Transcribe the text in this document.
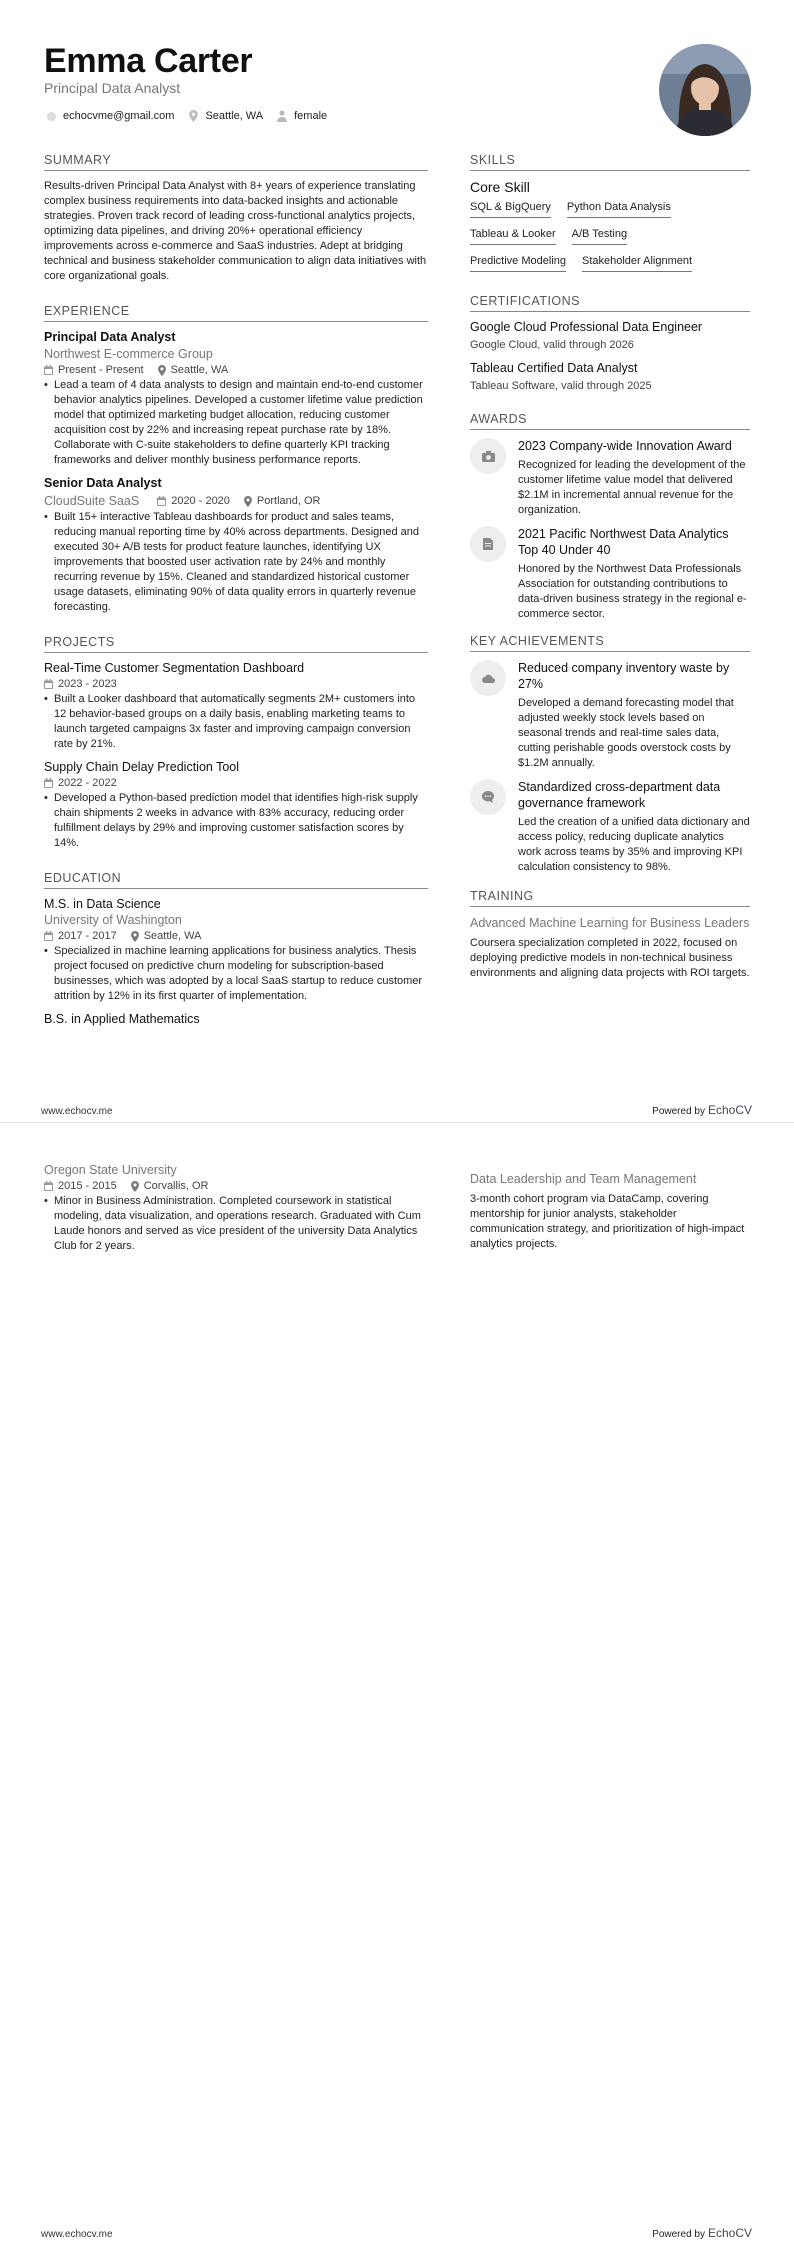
Emma Carter
Principal Data Analyst
echocvme@gmail.com	Seattle, WA	female
SUMMARY
Results-driven Principal Data Analyst with 8+ years of experience translating complex business requirements into data-backed insights and actionable strategies. Proven track record of leading cross-functional analytics projects, optimizing data pipelines, and driving 20%+ operational efficiency improvements across e-commerce and SaaS industries. Adept at bridging technical and business stakeholder communication to align data initiatives with core organizational goals.
EXPERIENCE
Principal Data Analyst
Northwest E-commerce Group
Present - Present Seattle, WA
• Lead a team of 4 data analysts to design and maintain end-to-end customer behavior analytics pipelines. Developed a customer lifetime value prediction model that optimized marketing budget allocation, reducing customer acquisition cost by 22% and increasing repeat purchase rate by 18%. Collaborate with C-suite stakeholders to define quarterly KPI tracking frameworks and deliver monthly business performance reports.
Senior Data Analyst
CloudSuite SaaS	2020 - 2020 Portland, OR
• Built 15+ interactive Tableau dashboards for product and sales teams, reducing manual reporting time by 40% across departments. Designed and executed 30+ A/B tests for product feature launches, identifying UX improvements that boosted user activation rate by 24% and monthly recurring revenue by 15%. Cleaned and standardized historical customer usage datasets, eliminating 90% of data quality errors in quarterly revenue forecasting.
PROJECTS
Real-Time Customer Segmentation Dashboard
2023 - 2023
• Built a Looker dashboard that automatically segments 2M+ customers into 12 behavior-based groups on a daily basis, enabling marketing teams to launch targeted campaigns 3x faster and improving campaign conversion rate by 21%.
Supply Chain Delay Prediction Tool
2022 - 2022
• Developed a Python-based prediction model that identifies high-risk supply chain shipments 2 weeks in advance with 83% accuracy, reducing order fulfillment delays by 29% and improving customer satisfaction scores by 14%.
EDUCATION
M.S. in Data Science
University of Washington
2017 - 2017 Seattle, WA
• Specialized in machine learning applications for business analytics. Thesis project focused on predictive churn modeling for subscription-based businesses, which was adopted by a local SaaS startup to reduce customer attrition by 12% in its first quarter of implementation.
B.S. in Applied Mathematics
SKILLS
Core Skill
SQL & BigQuery Python Data Analysis
Tableau & Looker A/B Testing
Predictive Modeling Stakeholder Alignment
CERTIFICATIONS
Google Cloud Professional Data Engineer
Google Cloud, valid through 2026
Tableau Certified Data Analyst
Tableau Software, valid through 2025
AWARDS
2023 Company-wide Innovation Award
Recognized for leading the development of the customer lifetime value model that delivered $2.1M in incremental annual revenue for the organization.
2021 Pacific Northwest Data Analytics Top 40 Under 40
Honored by the Northwest Data Professionals Association for outstanding contributions to data-driven business strategy in the regional e-commerce sector.
KEY ACHIEVEMENTS
Reduced company inventory waste by 27%
Developed a demand forecasting model that adjusted weekly stock levels based on seasonal trends and real-time sales data, cutting perishable goods overstock costs by $1.2M annually.
Standardized cross-department data governance framework
Led the creation of a unified data dictionary and access policy, reducing duplicate analytics work across teams by 35% and improving KPI calculation consistency to 98%.
TRAINING
Advanced Machine Learning for Business Leaders
Coursera specialization completed in 2022, focused on deploying predictive models in non-technical business environments and aligning data projects with ROI targets.
www.echocv.me	Powered by EchoCV
Oregon State University
2015 - 2015 Corvallis, OR
• Minor in Business Administration. Completed coursework in statistical modeling, data visualization, and operations research. Graduated with Cum Laude honors and served as vice president of the university Data Analytics Club for 2 years.
Data Leadership and Team Management
3-month cohort program via DataCamp, covering mentorship for junior analysts, stakeholder communication strategy, and prioritization of high-impact analytics projects.
www.echocv.me	Powered by EchoCV
